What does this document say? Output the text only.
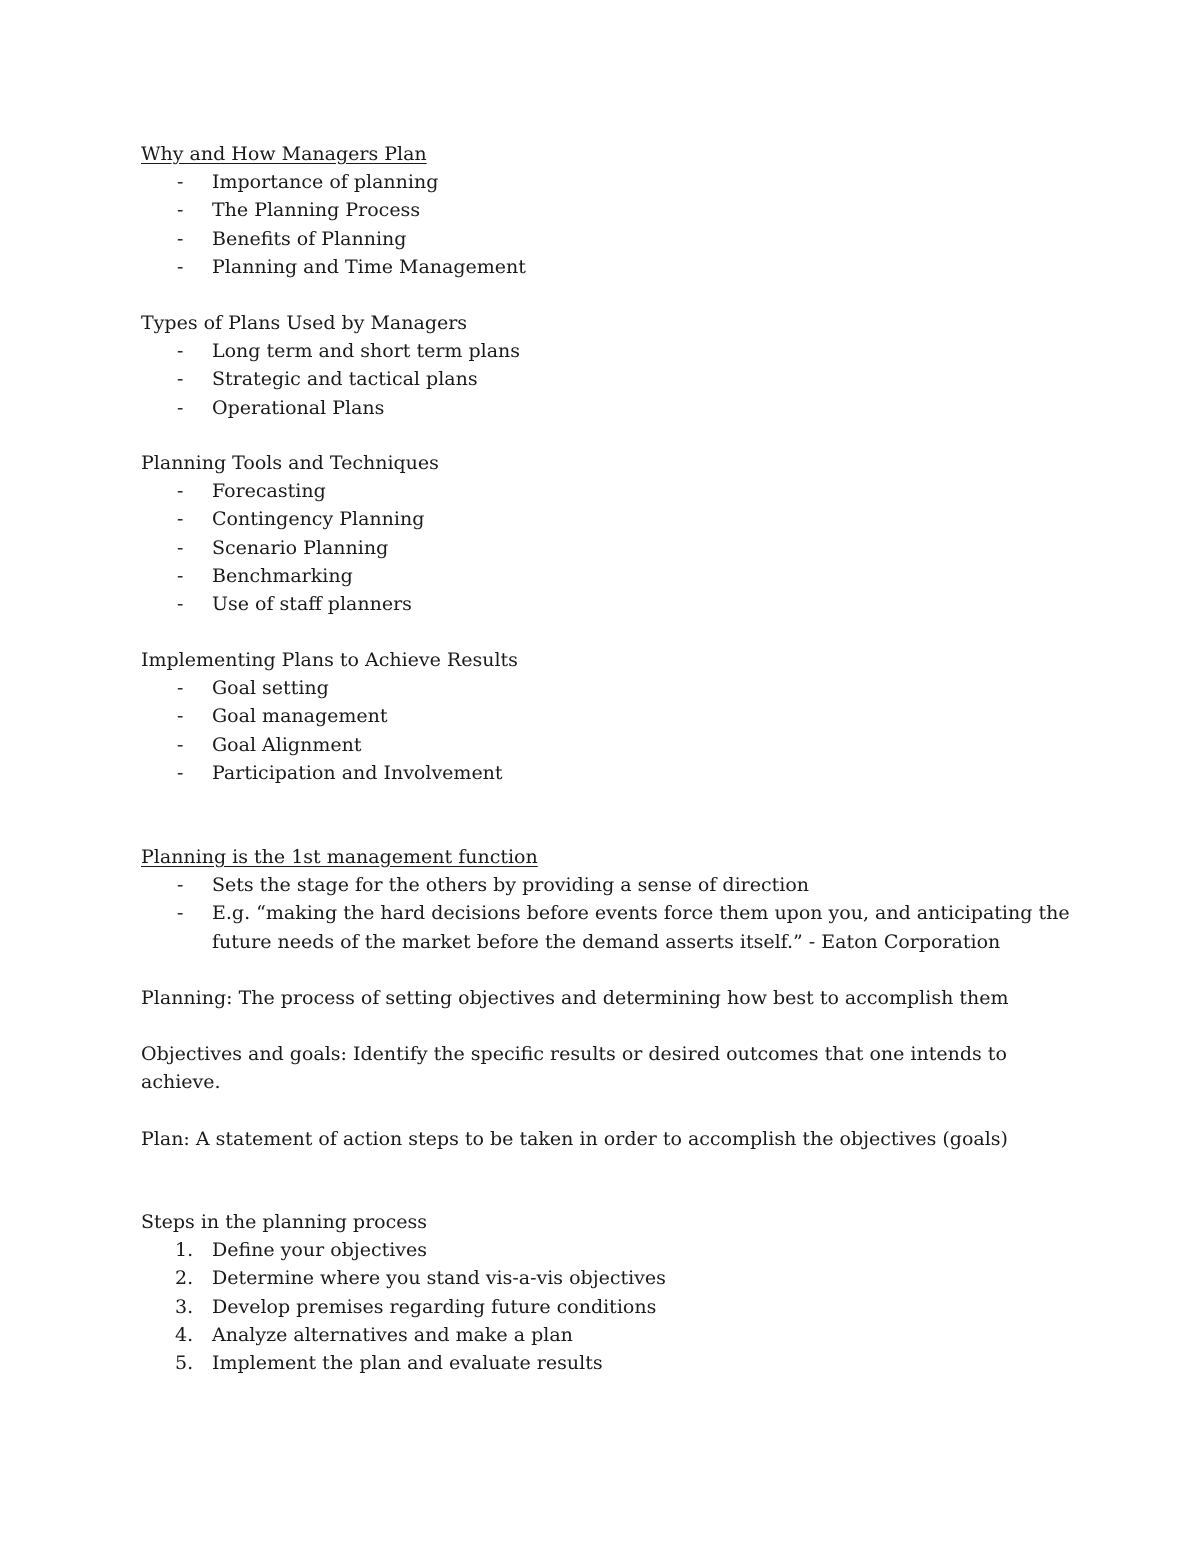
Why and How Managers Plan
- Importance of planning
- The Planning Process
- Benefits of Planning
- Planning and Time Management
Types of Plans Used by Managers
- Long term and short term plans
- Strategic and tactical plans
- Operational Plans
Planning Tools and Techniques
- Forecasting
- Contingency Planning
- Scenario Planning
- Benchmarking
- Use of staff planners
Implementing Plans to Achieve Results
- Goal setting
- Goal management
- Goal Alignment
- Participation and Involvement
Planning is the 1st management function
- Sets the stage for the others by providing a sense of direction
- E.g. “making the hard decisions before events force them upon you, and anticipating the future needs of the market before the demand asserts itself.” - Eaton Corporation

Planning: The process of setting objectives and determining how best to accomplish them

Objectives and goals: Identify the specific results or desired outcomes that one intends to achieve.

Plan: A statement of action steps to be taken in order to accomplish the objectives (goals)

Steps in the planning process
1. Define your objectives
2. Determine where you stand vis-a-vis objectives
3. Develop premises regarding future conditions
4. Analyze alternatives and make a plan
5. Implement the plan and evaluate results
